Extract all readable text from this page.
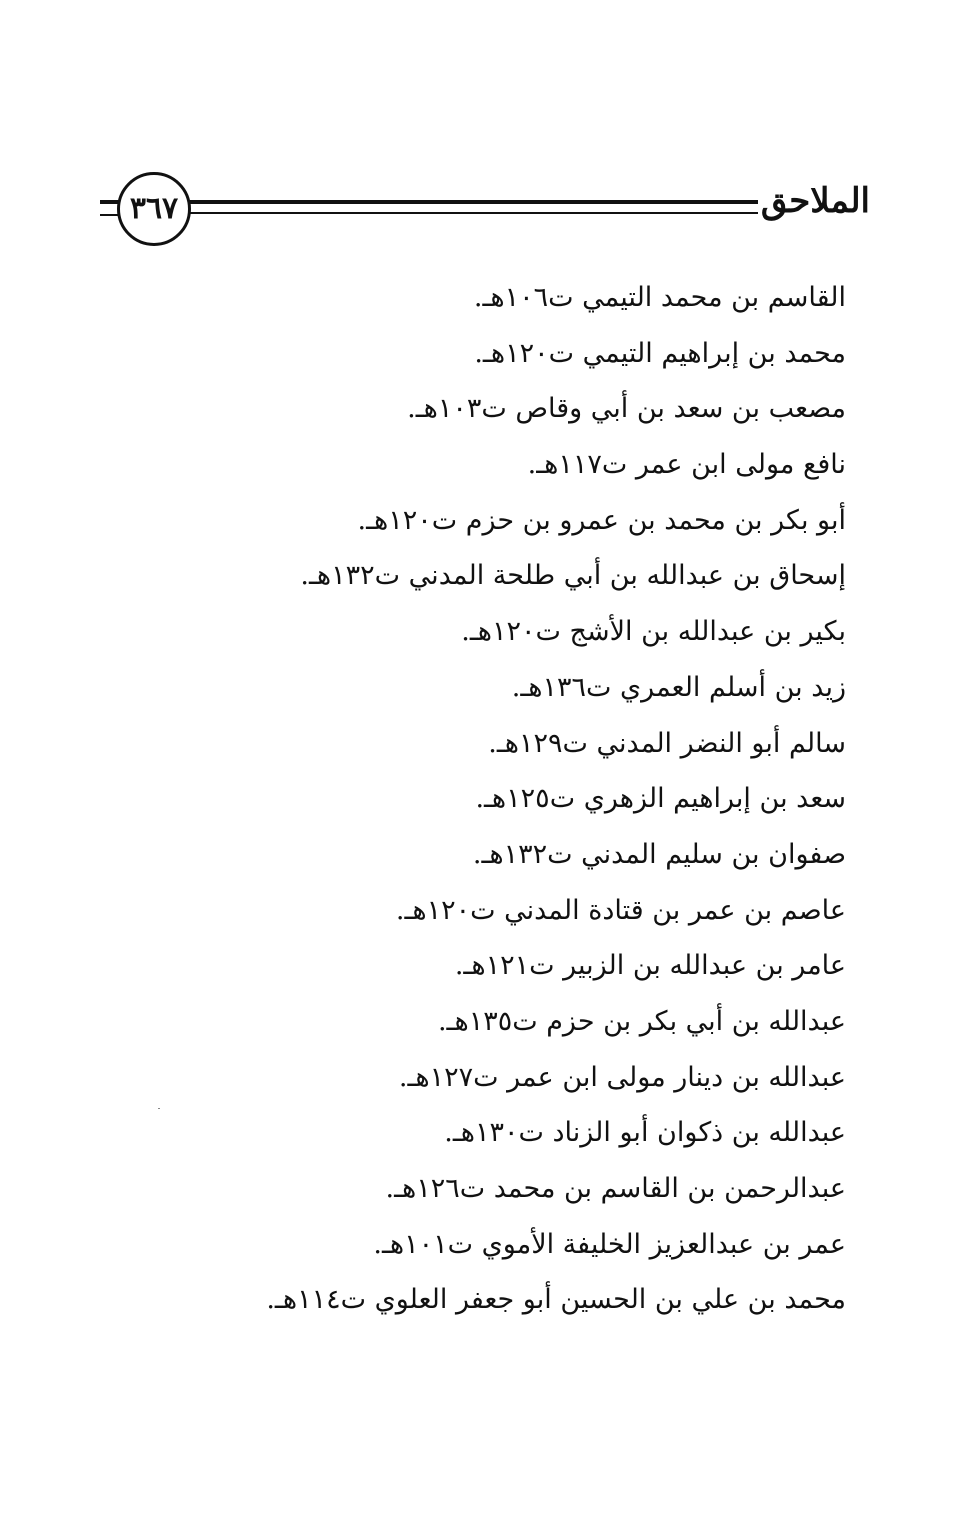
٣٦٧	الملاحق
القاسم بن محمد التيمي ت١٠٦هـ.
محمد بن إبراهيم التيمي ت١٢٠هـ.
مصعب بن سعد بن أبي وقاص ت١٠٣هـ.
نافع مولى ابن عمر ت١١٧هـ.
أبو بكر بن محمد بن عمرو بن حزم ت١٢٠هـ.
إسحاق بن عبدالله بن أبي طلحة المدني ت١٣٢هـ.
بكير بن عبدالله بن الأشج ت١٢٠هـ.
زيد بن أسلم العمري ت١٣٦هـ.
سالم أبو النضر المدني ت١٢٩هـ.
سعد بن إبراهيم الزهري ت١٢٥هـ.
صفوان بن سليم المدني ت١٣٢هـ.
عاصم بن عمر بن قتادة المدني ت١٢٠هـ.
عامر بن عبدالله بن الزبير ت١٢١هـ.
عبدالله بن أبي بكر بن حزم ت١٣٥هـ.
عبدالله بن دينار مولى ابن عمر ت١٢٧هـ.
عبدالله بن ذكوان أبو الزناد ت١٣٠هـ.
عبدالرحمن بن القاسم بن محمد ت١٢٦هـ.
عمر بن عبدالعزيز الخليفة الأموي ت١٠١هـ.
محمد بن علي بن الحسين أبو جعفر العلوي ت١١٤هـ.
